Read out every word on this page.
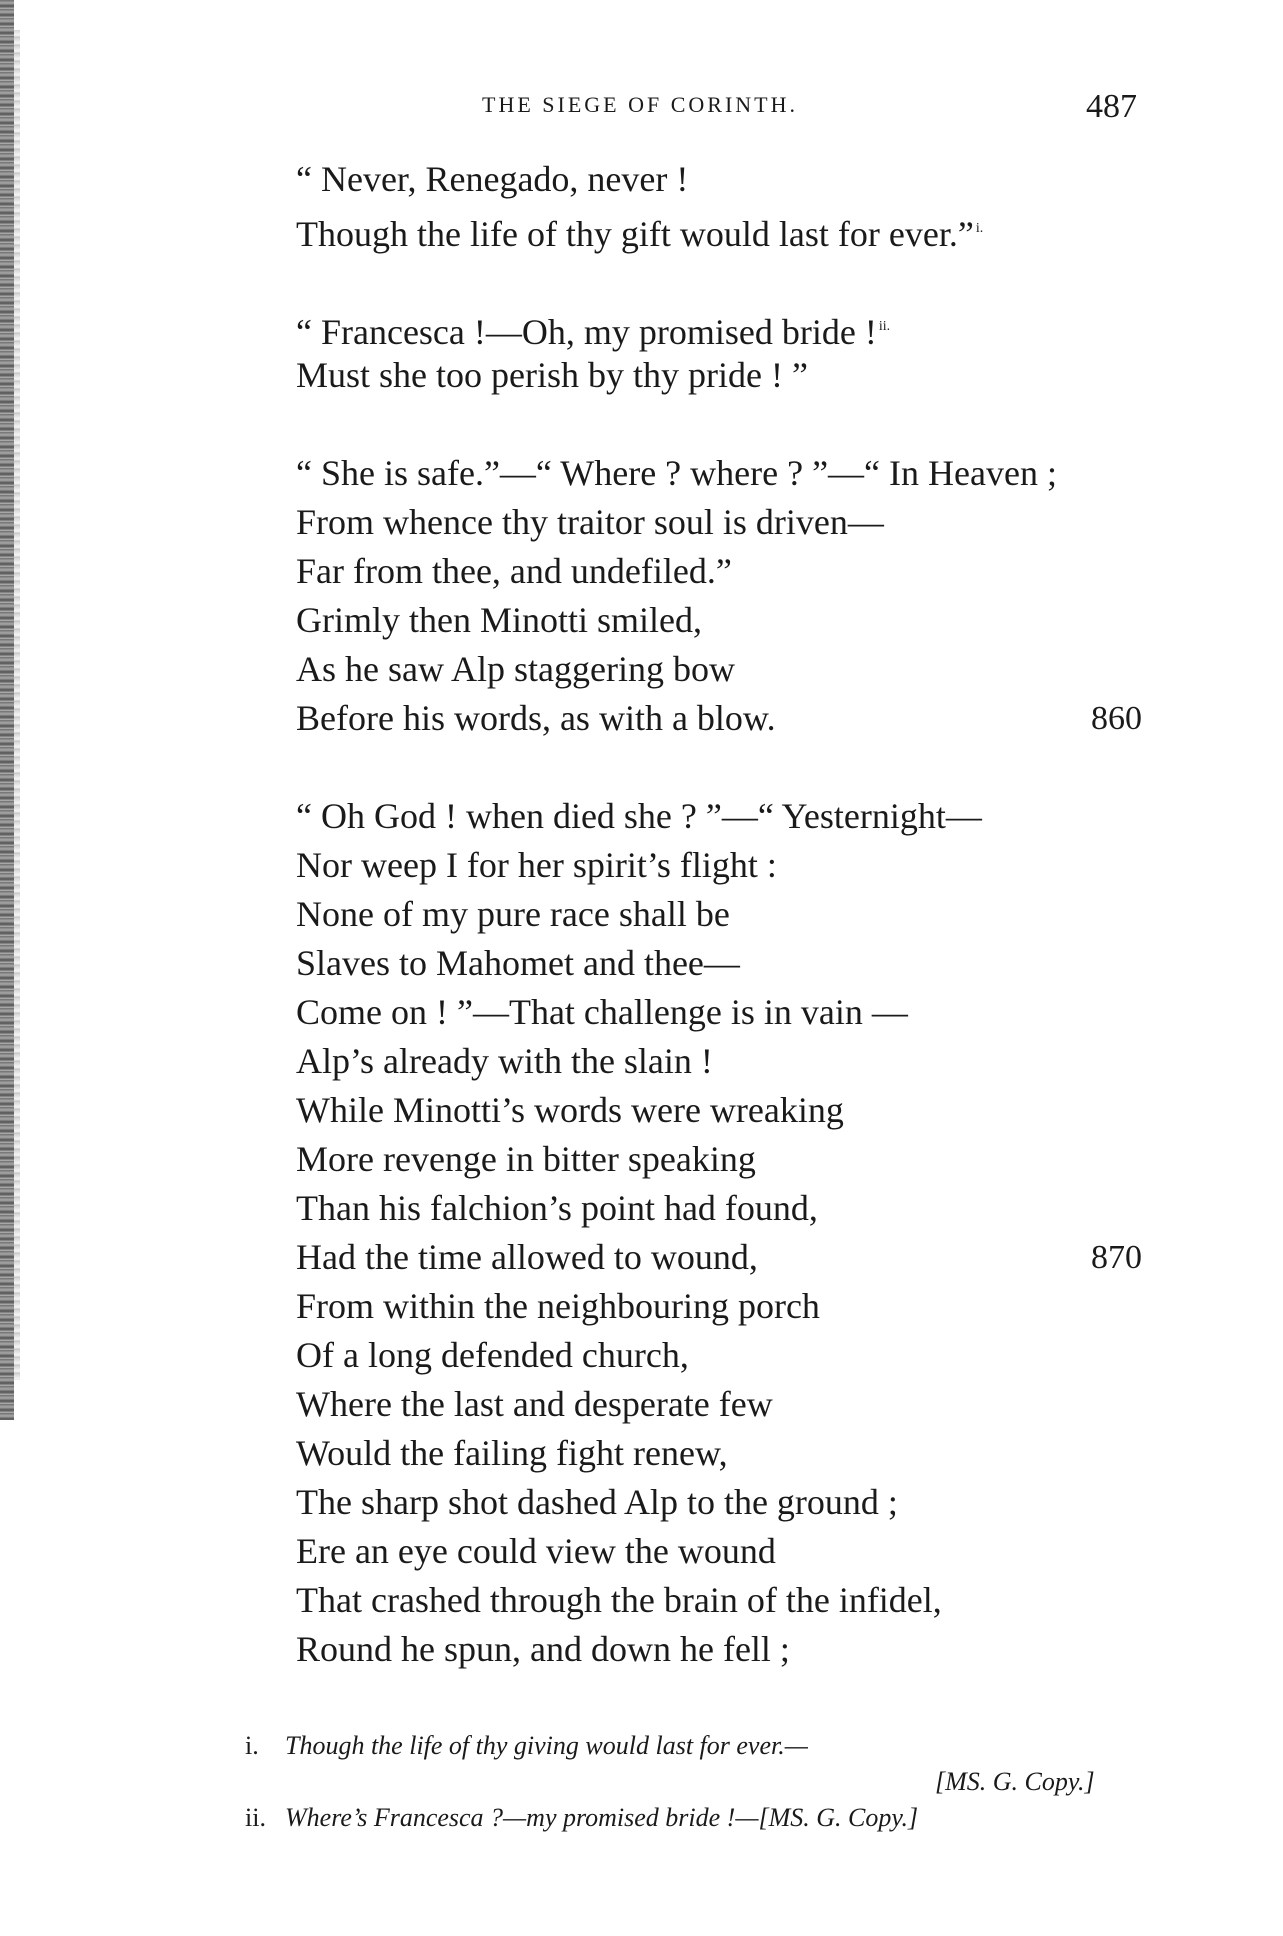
THE SIEGE OF CORINTH.	487
“ Never, Renegado, never !
Though the life of thy gift would last for ever.” $^{i.}$
“ Francesca !—Oh, my promised bride ! $^{ii.}$
Must she too perish by thy pride ! ”
“ She is safe.”—“ Where ? where ? ”—“ In Heaven ;
From whence thy traitor soul is driven—
Far from thee, and undefiled.”
Grimly then Minotti smiled,
As he saw Alp staggering bow
Before his words, as with a blow.	860
“ Oh God ! when died she ? ”—“ Yesternight—
Nor weep I for her spirit’s flight :
None of my pure race shall be
Slaves to Mahomet and thee—
Come on ! ”—That challenge is in vain —
Alp’s already with the slain !
While Minotti’s words were wreaking
More revenge in bitter speaking
Than his falchion’s point had found,
Had the time allowed to wound,	870
From within the neighbouring porch
Of a long defended church,
Where the last and desperate few
Would the failing fight renew,
The sharp shot dashed Alp to the ground ;
Ere an eye could view the wound
That crashed through the brain of the infidel,
Round he spun, and down he fell ;
i. Though the life of thy giving would last for ever.—
[MS. G. Copy.]
ii. Where’s Francesca ?—my promised bride !—[MS. G. Copy.]
